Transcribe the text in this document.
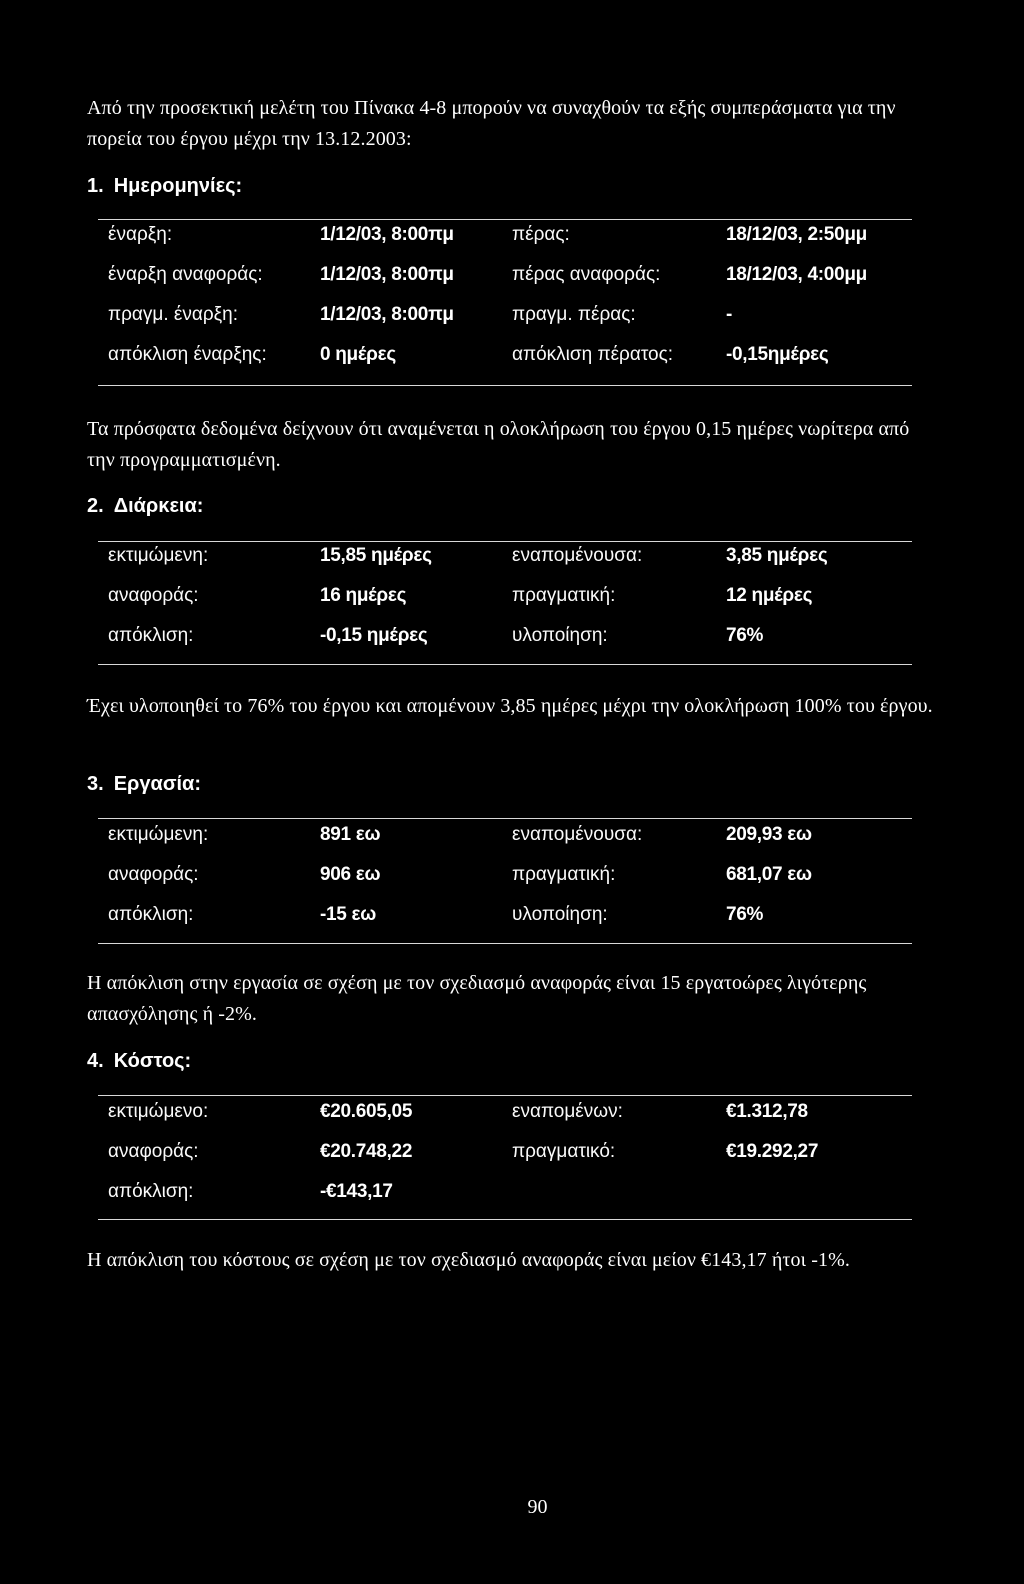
Από την προσεκτική μελέτη του Πίνακα 4-8 μπορούν να συναχθούν τα εξής συμπεράσματα για την πορεία του έργου μέχρι την 13.12.2003:
1. Ημερομηνίες:
έναρξη:	1/12/03, 8:00πμ	πέρας:	18/12/03, 2:50μμ
έναρξη αναφοράς:	1/12/03, 8:00πμ	πέρας αναφοράς:	18/12/03, 4:00μμ
πραγμ. έναρξη:	1/12/03, 8:00πμ	πραγμ. πέρας:	-
απόκλιση έναρξης:	0 ημέρες	απόκλιση πέρατος:	-0,15ημέρες
Τα πρόσφατα δεδομένα δείχνουν ότι αναμένεται η ολοκλήρωση του έργου 0,15 ημέρες νωρίτερα από την προγραμματισμένη.
2. Διάρκεια:
εκτιμώμενη:	15,85 ημέρες	εναπομένουσα:	3,85 ημέρες
αναφοράς:	16 ημέρες	πραγματική:	12 ημέρες
απόκλιση:	-0,15 ημέρες	υλοποίηση:	76%
Έχει υλοποιηθεί το 76% του έργου και απομένουν 3,85 ημέρες μέχρι την ολοκλήρωση 100% του έργου.
3. Εργασία:
εκτιμώμενη:	891 εω	εναπομένουσα:	209,93 εω
αναφοράς:	906 εω	πραγματική:	681,07 εω
απόκλιση:	-15 εω	υλοποίηση:	76%
Η απόκλιση στην εργασία σε σχέση με τον σχεδιασμό αναφοράς είναι 15 εργατοώρες λιγότερης απασχόλησης ή -2%.
4. Κόστος:
εκτιμώμενο:	€20.605,05	εναπομένων:	€1.312,78
αναφοράς:	€20.748,22	πραγματικό:	€19.292,27
απόκλιση:	-€143,17
Η απόκλιση του κόστους σε σχέση με τον σχεδιασμό αναφοράς είναι μείον €143,17 ήτοι -1%.
90
